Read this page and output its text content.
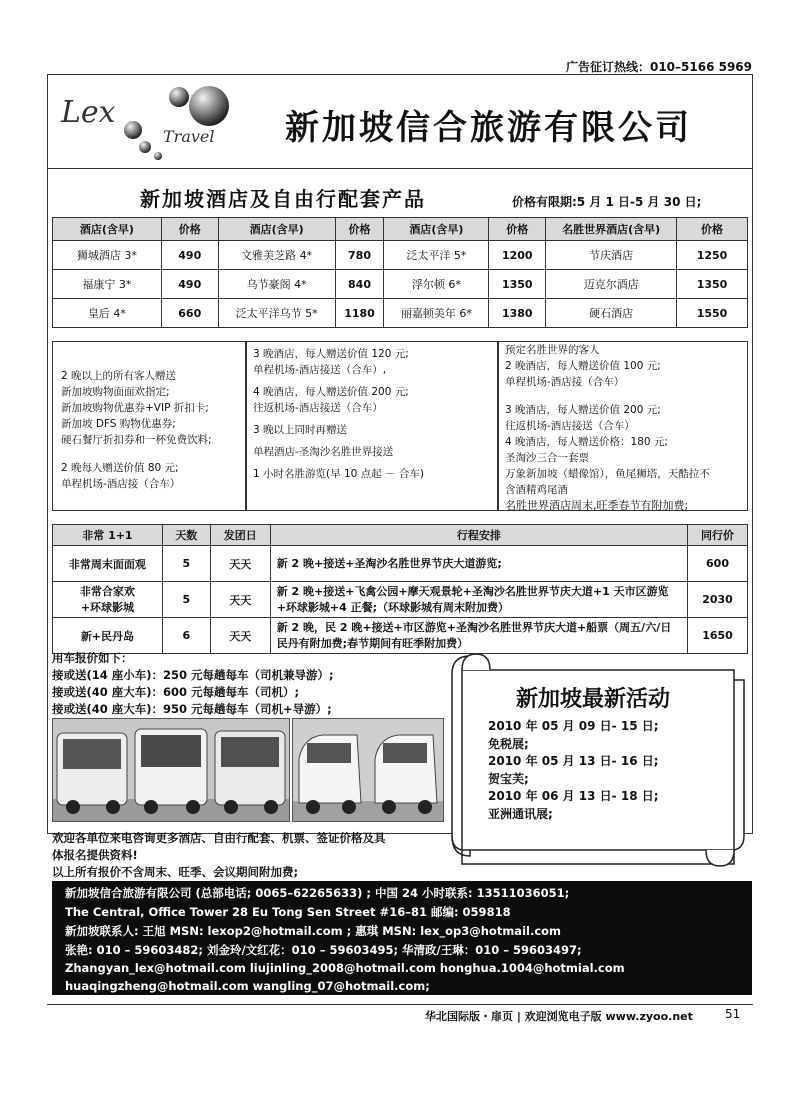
广告征订热线：010–5166 5969
Lex
Travel 新加坡信合旅游有限公司
新加坡酒店及自由行配套产品	价格有限期:5 月 1 日-5 月 30 日;
酒店(含早)	价格	酒店(含早)	价格	酒店(含早)	价格	名胜世界酒店(含早)	价格
狮城酒店 3*	490	文雅美芝路 4*	780	泛太平洋 5*	1200	节庆酒店	1250
福康宁 3*	490	乌节豪阁 4*	840	浮尔顿 6*	1350	迈克尔酒店	1350
皇后 4*	660	泛太平洋乌节 5*	1180	丽嘉顿美年 6*	1380	硬石酒店	1550
2 晚以上的所有客人赠送
新加坡购物面面欢指定;
新加坡购物优惠券+VIP 折扣卡;
新加坡 DFS 购物优惠券;
硬石餐厅折扣券和一杯免费饮料;
2 晚每人赠送价值 80 元;
单程机场-酒店接（合车）
3 晚酒店，每人赠送价值 120 元;
单程机场-酒店接送（合车）,
4 晚酒店，每人赠送价值 200 元;
往返机场-酒店接送（合车）
3 晚以上同时再赠送
单程酒店-圣淘沙名胜世界接送
1 小时名胜游览(早 10 点起 － 合车)
预定名胜世界的客人
2 晚酒店，每人赠送价值 100 元;
单程机场-酒店接（合车）
3 晚酒店，每人赠送价值 200 元;
往返机场-酒店接送（合车）
4 晚酒店，每人赠送价格：180 元;
圣淘沙三合一套票
万象新加坡（蜡像馆），鱼尾狮塔，天酷拉不
含酒精鸡尾酒
名胜世界酒店周末,旺季春节有附加费;
非常 1+1	天数	发团日	行程安排	同行价
非常周末面面观	5	天天	新 2 晚+接送+圣淘沙名胜世界节庆大道游览;	600
非常合家欢
+环球影城	5	天天	新 2 晚+接送+飞禽公园+摩天观景轮+圣淘沙名胜世界节庆大道+1 天市区游览+环球影城+4 正餐;（环球影城有周末附加费）	2030
新+民丹岛	6	天天	新 2 晚，民 2 晚+接送+市区游览+圣淘沙名胜世界节庆大道+船票（周五/六/日民丹有附加费;春节期间有旺季附加费）	1650
用车报价如下：
接或送(14 座小车)：250 元每趟每车（司机兼导游）;
接或送(40 座大车)：600 元每趟每车（司机）;
接或送(40 座大车)：950 元每趟每车（司机+导游）;	新加坡最新活动
2010 年 05 月 09 日- 15 日;
免税展;
2010 年 05 月 13 日- 16 日;
贺宝芙;
2010 年 06 月 13 日- 18 日;
亚洲通讯展;
欢迎各单位来电咨询更多酒店、自由行配套、机票、签证价格及具
体报名提供资料!
以上所有报价不含周末、旺季、会议期间附加费;
新加坡信合旅游有限公司 (总部电话; 0065–62265633) ; 中国 24 小时联系: 13511036051;
The Central, Office Tower 28 Eu Tong Sen Street #16–81 邮编: 059818
新加坡联系人: 王旭 MSN: lexop2@hotmail.com ; 惠琪 MSN: lex_op3@hotmail.com
张艳: 010 – 59603482; 刘金玲/文红花：010 – 59603495; 华清政/王琳：010 – 59603497;
Zhangyan_lex@hotmail.com liujinling_2008@hotmail.com honghua.1004@hotmial.com
huaqingzheng@hotmail.com wangling_07@hotmail.com;
华北国际版・扉页 | 欢迎浏览电子版 www.zyoo.net	51
